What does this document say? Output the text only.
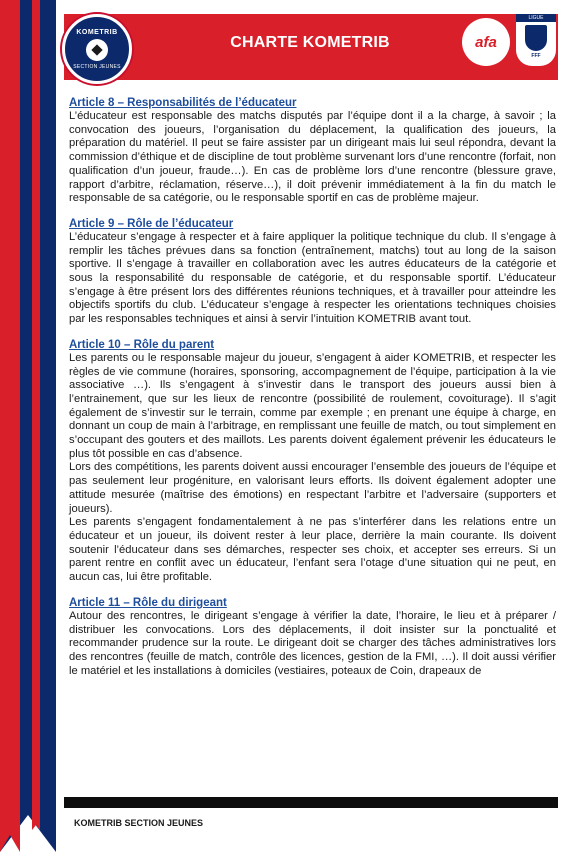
KOMETRIB
SECTION JEUNES
CHARTE KOMETRIB	afa
LIGUE
FFF
Article 8 – Responsabilités de l’éducateur

L’éducateur est responsable des matchs disputés par l’équipe dont il a la charge, à savoir ; la convocation des joueurs, l’organisation du déplacement, la qualification des joueurs, la préparation du matériel. Il peut se faire assister par un dirigeant mais lui seul répondra, devant la commission d’éthique et de discipline de tout problème survenant lors d’une rencontre (forfait, non qualification d’un joueur, fraude…). En cas de problème lors d’une rencontre (blessure grave, rapport d’arbitre, réclamation, réserve…), il doit prévenir immédiatement à la fin du match le responsable de sa catégorie, ou le responsable sportif en cas de problème majeur.

Article 9 – Rôle de l’éducateur

L’éducateur s’engage à respecter et à faire appliquer la politique technique du club. Il s’engage à remplir les tâches prévues dans sa fonction (entraînement, matchs) tout au long de la saison sportive. Il s’engage à travailler en collaboration avec les autres éducateurs de la catégorie et sous la responsabilité du responsable de catégorie, et du responsable sportif. L’éducateur s’engage à être présent lors des différentes réunions techniques, et à travailler pour atteindre les objectifs sportifs du club. L’éducateur s’engage à respecter les orientations techniques choisies par les responsables techniques et ainsi à servir l’intuition KOMETRIB avant tout.

Article 10 – Rôle du parent

Les parents ou le responsable majeur du joueur, s’engagent à aider KOMETRIB, et respecter les règles de vie commune (horaires, sponsoring, accompagnement de l’équipe, participation à la vie associative …). Ils s’engagent à s’investir dans le transport des joueurs aussi bien à l’entrainement, que sur les lieux de rencontre (possibilité de roulement, covoiturage). Il s’agit également de s’investir sur le terrain, comme par exemple ; en prenant une équipe à charge, en donnant un coup de main à l’arbitrage, en remplissant une feuille de match, ou tout simplement en s’occupant des gouters et des maillots. Les parents doivent également prévenir les éducateurs le plus tôt possible en cas d’absence.

Lors des compétitions, les parents doivent aussi encourager l’ensemble des joueurs de l’équipe et pas seulement leur progéniture, en valorisant leurs efforts. Ils doivent également adopter une attitude mesurée (maîtrise des émotions) en respectant l’arbitre et l’adversaire (supporters et joueurs).

Les parents s’engagent fondamentalement à ne pas s’interférer dans les relations entre un éducateur et un joueur, ils doivent rester à leur place, derrière la main courante. Ils doivent soutenir l’éducateur dans ses démarches, respecter ses choix, et accepter ses erreurs. Si un parent rentre en conflit avec un éducateur, l’enfant sera l’otage d’une situation qui ne peut, en aucun cas, lui être profitable.

Article 11 – Rôle du dirigeant

Autour des rencontres, le dirigeant s’engage à vérifier la date, l’horaire, le lieu et à préparer / distribuer les convocations. Lors des déplacements, il doit insister sur la ponctualité et recommander prudence sur la route. Le dirigeant doit se charger des tâches administratives lors des rencontres (feuille de match, contrôle des licences, gestion de la FMI, …). Il doit aussi vérifier le matériel et les installations à domiciles (vestiaires, poteaux de Coin, drapeaux de

KOMETRIB SECTION JEUNES
